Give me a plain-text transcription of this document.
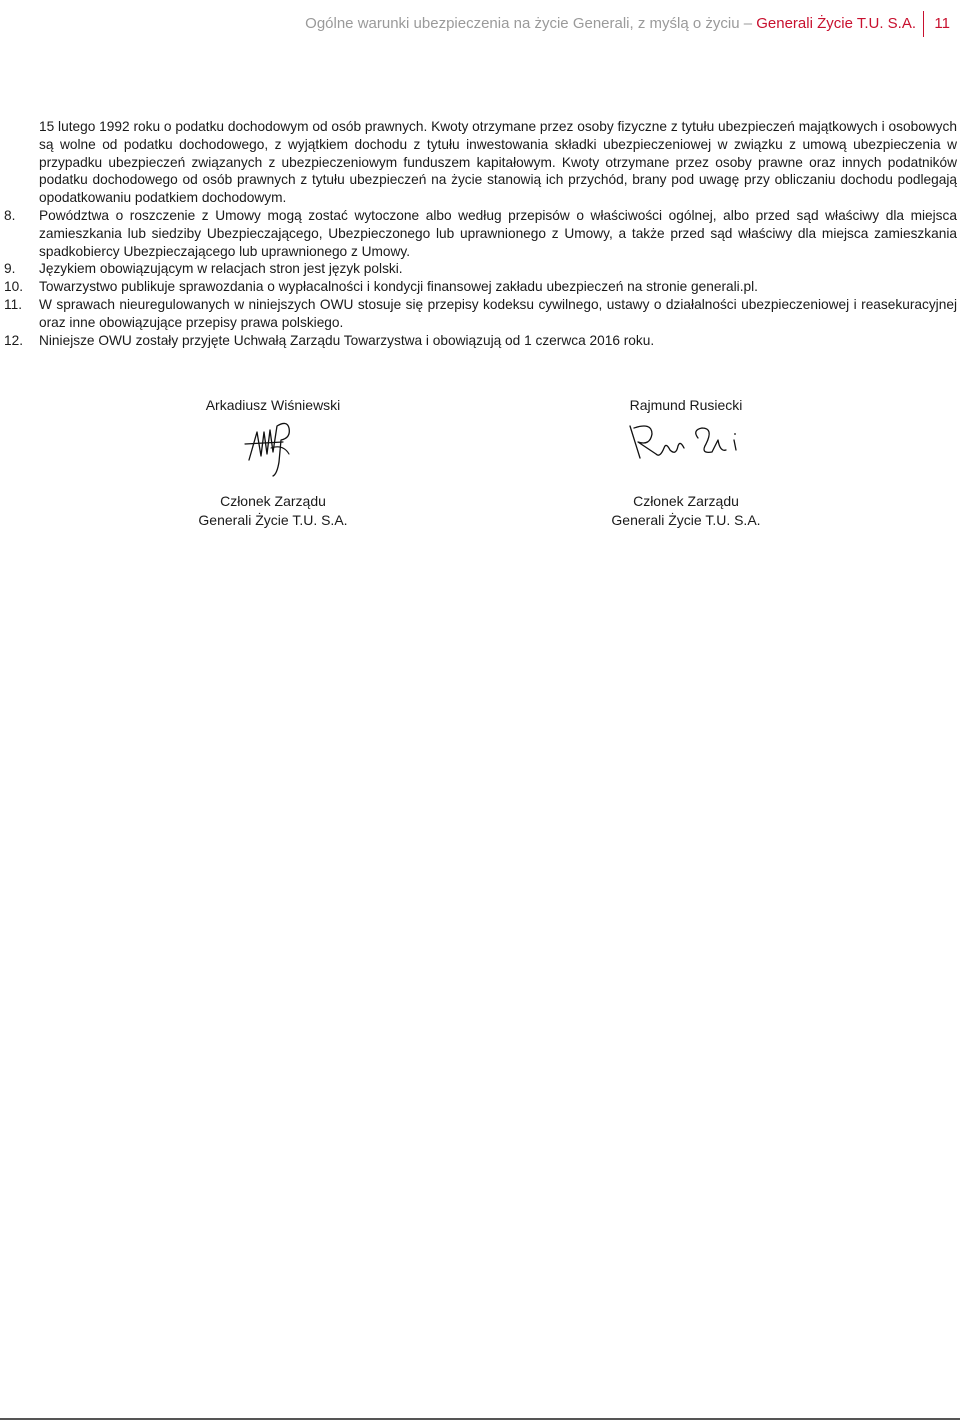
Ogólne warunki ubezpieczenia na życie Generali, z myślą o życiu – Generali Życie T.U. S.A. 11
15 lutego 1992 roku o podatku dochodowym od osób prawnych. Kwoty otrzymane przez osoby fizyczne z tytułu ubezpieczeń majątkowych i osobowych są wolne od podatku dochodowego, z wyjątkiem dochodu z tytułu inwestowania składki ubezpieczeniowej w związku z umową ubezpieczenia w przypadku ubezpieczeń związanych z ubezpieczeniowym funduszem kapitałowym. Kwoty otrzymane przez osoby prawne oraz innych podatników podatku dochodowego od osób prawnych z tytułu ubezpieczeń na życie stanowią ich przychód, brany pod uwagę przy obliczaniu dochodu podlegają opodatkowaniu podatkiem dochodowym.
8.	Powództwa o roszczenie z Umowy mogą zostać wytoczone albo według przepisów o właściwości ogólnej, albo przed sąd właściwy dla miejsca zamieszkania lub siedziby Ubezpieczającego, Ubezpieczonego lub uprawnionego z Umowy, a także przed sąd właściwy dla miejsca zamieszkania spadkobiercy Ubezpieczającego lub uprawnionego z Umowy.
9.	Językiem obowiązującym w relacjach stron jest język polski.
10.	Towarzystwo publikuje sprawozdania o wypłacalności i kondycji finansowej zakładu ubezpieczeń na stronie generali.pl.
11.	W sprawach nieuregulowanych w niniejszych OWU stosuje się przepisy kodeksu cywilnego, ustawy o działalności ubezpieczeniowej i reasekuracyjnej oraz inne obowiązujące przepisy prawa polskiego.
12.	Niniejsze OWU zostały przyjęte Uchwałą Zarządu Towarzystwa i obowiązują od 1 czerwca 2016 roku.
Arkadiusz Wiśniewski
Członek Zarządu
Generali Życie T.U. S.A.
Rajmund Rusiecki
Członek Zarządu
Generali Życie T.U. S.A.
